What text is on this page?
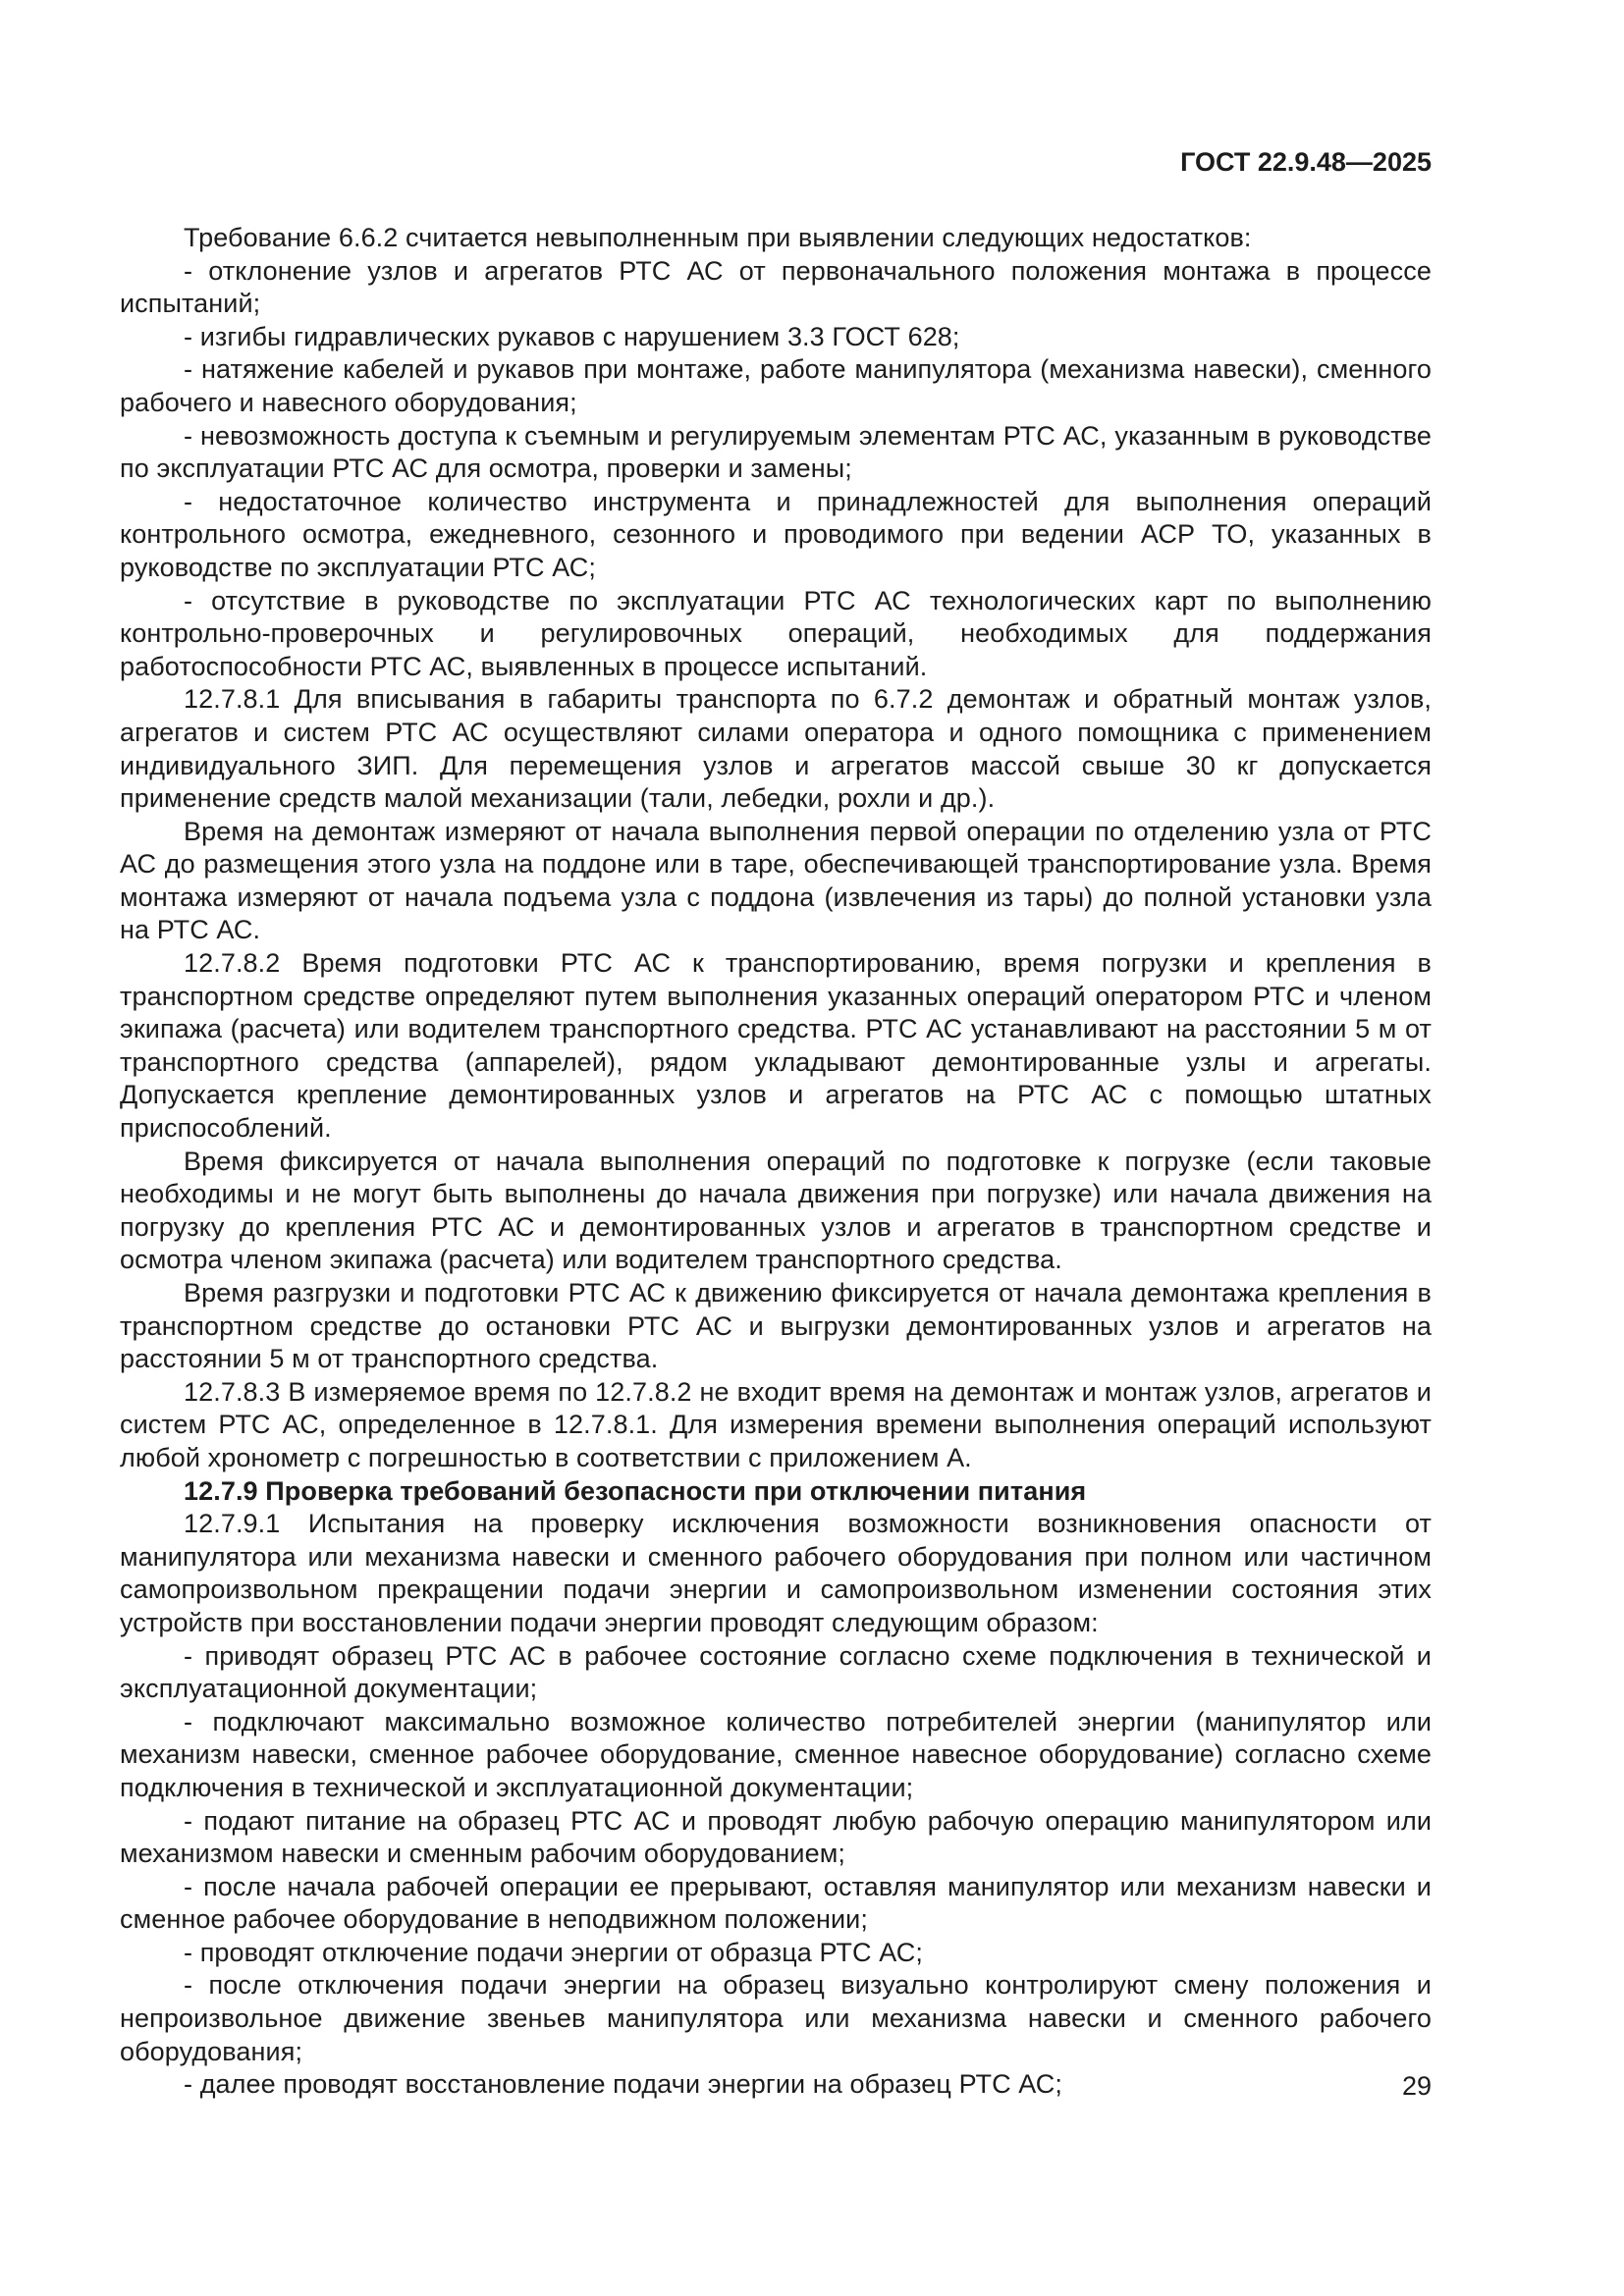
ГОСТ 22.9.48—2025

Требование 6.6.2 считается невыполненным при выявлении следующих недостатков:

- отклонение узлов и агрегатов РТС АС от первоначального положения монтажа в процессе испытаний;

- изгибы гидравлических рукавов с нарушением 3.3 ГОСТ 628;

- натяжение кабелей и рукавов при монтаже, работе манипулятора (механизма навески), сменного рабочего и навесного оборудования;

- невозможность доступа к съемным и регулируемым элементам РТС АС, указанным в руководстве по эксплуатации РТС АС для осмотра, проверки и замены;

- недостаточное количество инструмента и принадлежностей для выполнения операций контрольного осмотра, ежедневного, сезонного и проводимого при ведении АСР ТО, указанных в руководстве по эксплуатации РТС АС;

- отсутствие в руководстве по эксплуатации РТС АС технологических карт по выполнению контрольно-проверочных и регулировочных операций, необходимых для поддержания работоспособности РТС АС, выявленных в процессе испытаний.

12.7.8.1 Для вписывания в габариты транспорта по 6.7.2 демонтаж и обратный монтаж узлов, агрегатов и систем РТС АС осуществляют силами оператора и одного помощника с применением индивидуального ЗИП. Для перемещения узлов и агрегатов массой свыше 30 кг допускается применение средств малой механизации (тали, лебедки, рохли и др.).

Время на демонтаж измеряют от начала выполнения первой операции по отделению узла от РТС АС до размещения этого узла на поддоне или в таре, обеспечивающей транспортирование узла. Время монтажа измеряют от начала подъема узла с поддона (извлечения из тары) до полной установки узла на РТС АС.

12.7.8.2 Время подготовки РТС АС к транспортированию, время погрузки и крепления в транспортном средстве определяют путем выполнения указанных операций оператором РТС и членом экипажа (расчета) или водителем транспортного средства. РТС АС устанавливают на расстоянии 5 м от транспортного средства (аппарелей), рядом укладывают демонтированные узлы и агрегаты. Допускается крепление демонтированных узлов и агрегатов на РТС АС с помощью штатных приспособлений.

Время фиксируется от начала выполнения операций по подготовке к погрузке (если таковые необходимы и не могут быть выполнены до начала движения при погрузке) или начала движения на погрузку до крепления РТС АС и демонтированных узлов и агрегатов в транспортном средстве и осмотра членом экипажа (расчета) или водителем транспортного средства.

Время разгрузки и подготовки РТС АС к движению фиксируется от начала демонтажа крепления в транспортном средстве до остановки РТС АС и выгрузки демонтированных узлов и агрегатов на расстоянии 5 м от транспортного средства.

12.7.8.3 В измеряемое время по 12.7.8.2 не входит время на демонтаж и монтаж узлов, агрегатов и систем РТС АС, определенное в 12.7.8.1. Для измерения времени выполнения операций используют любой хронометр с погрешностью в соответствии с приложением А.

12.7.9 Проверка требований безопасности при отключении питания

12.7.9.1 Испытания на проверку исключения возможности возникновения опасности от манипулятора или механизма навески и сменного рабочего оборудования при полном или частичном самопроизвольном прекращении подачи энергии и самопроизвольном изменении состояния этих устройств при восстановлении подачи энергии проводят следующим образом:

- приводят образец РТС АС в рабочее состояние согласно схеме подключения в технической и эксплуатационной документации;

- подключают максимально возможное количество потребителей энергии (манипулятор или механизм навески, сменное рабочее оборудование, сменное навесное оборудование) согласно схеме подключения в технической и эксплуатационной документации;

- подают питание на образец РТС АС и проводят любую рабочую операцию манипулятором или механизмом навески и сменным рабочим оборудованием;

- после начала рабочей операции ее прерывают, оставляя манипулятор или механизм навески и сменное рабочее оборудование в неподвижном положении;

- проводят отключение подачи энергии от образца РТС АС;

- после отключения подачи энергии на образец визуально контролируют смену положения и непроизвольное движение звеньев манипулятора или механизма навески и сменного рабочего оборудования;

- далее проводят восстановление подачи энергии на образец РТС АС;	29
